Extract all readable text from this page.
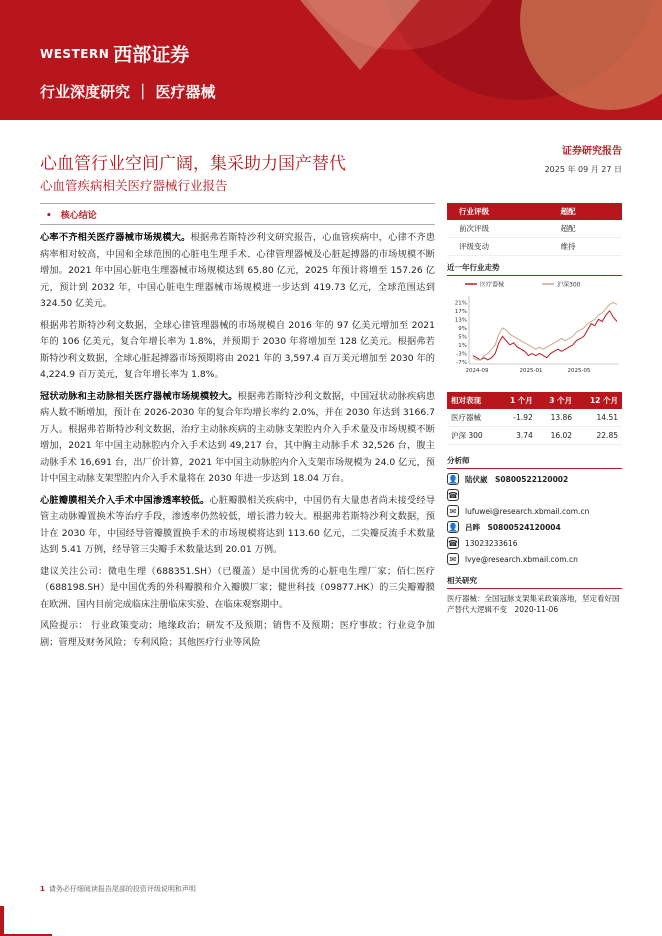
WESTERN 西部证券
行业深度研究 ｜ 医疗器械
证券研究报告
心血管行业空间广阔，集采助力国产替代	2025 年 09 月 27 日
心血管疾病相关医疗器械行业报告
•　核心结论

心率不齐相关医疗器械市场规模大。根据弗若斯特沙利文研究报告，心血管疾病中，心律不齐患病率相对较高，中国和全球范围的心脏电生理手术、心律管理器械及心脏起搏器的市场规模不断增加。2021 年中国心脏电生理器械市场规模达到 65.80 亿元，2025 年预计将增至 157.26 亿元，预计到 2032 年，中国心脏电生理器械市场规模进一步达到 419.73 亿元，全球范围达到 324.50 亿美元。

根据弗若斯特沙利文数据，全球心律管理器械的市场规模自 2016 年的 97 亿美元增加至 2021 年的 106 亿美元，复合年增长率为 1.8%，并预期于 2030 年将增加至 128 亿美元。根据弗若斯特沙利文数据，全球心脏起搏器市场预期将由 2021 年的 3,597.4 百万美元增加至 2030 年的 4,224.9 百万美元，复合年增长率为 1.8%。

冠状动脉和主动脉相关医疗器械市场规模较大。根据弗若斯特沙利文数据，中国冠状动脉疾病患病人数不断增加，预计在 2026-2030 年的复合年均增长率约 2.0%，并在 2030 年达到 3166.7 万人。根据弗若斯特沙利文数据，治疗主动脉疾病的主动脉支架腔内介入手术量及市场规模不断增加，2021 年中国主动脉腔内介入手术达到 49,217 台，其中胸主动脉手术 32,526 台，腹主动脉手术 16,691 台，出厂价计算，2021 年中国主动脉腔内介入支架市场规模为 24.0 亿元，预计中国主动脉支架型腔内介入手术量将在 2030 年进一步达到 18.04 万台。

心脏瓣膜相关介入手术中国渗透率较低。心脏瓣膜相关疾病中，中国仍有大量患者尚未接受经导管主动脉瓣置换术等治疗手段，渗透率仍然较低，增长潜力较大。根据弗若斯特沙利文数据，预计在 2030 年，中国经导管瓣膜置换手术的市场规模将达到 113.60 亿元，二尖瓣反流手术数量达到 5.41 万例，经导管三尖瓣手术数量达到 20.01 万例。

建议关注公司：微电生理（688351.SH）（已覆盖）是中国优秀的心脏电生理厂家；佰仁医疗（688198.SH）是中国优秀的外科瓣膜和介入瓣膜厂家；健世科技（09877.HK）的三尖瓣瓣膜在欧洲、国内目前完成临床注册临床实验、在临床观察期中。

风险提示： 行业政策变动；地缘政治；研发不及预期；销售不及预期；医疗事故；行业竞争加剧；管理及财务风险；专利风险；其他医疗行业等风险

行业评级	超配
前次评级	超配
评级变动	维持
近一年行业走势
医疗器械	沪深300
21%
17%
13%
9%
5%
1%
-3%
-7%
2024-09	2025-01	2025-05
相对表现	1 个月	3 个月	12 个月
医疗器械	-1.92	13.86	14.51
沪深 300	3.74	16.02	22.85
分析师
👤 陆伏崴　S0800522120002
☎
✉	lufuwei@research.xbmail.com.cn
👤 吕晔　S0800524120004
☎ 13023233616
✉	lvye@research.xbmail.com.cn
相关研究
医疗器械：全国冠脉支架集采政策落地，坚定看好国产替代大逻辑不变　2020-11-06
1 请务必仔细阅读报告尾部的投资评级说明和声明
